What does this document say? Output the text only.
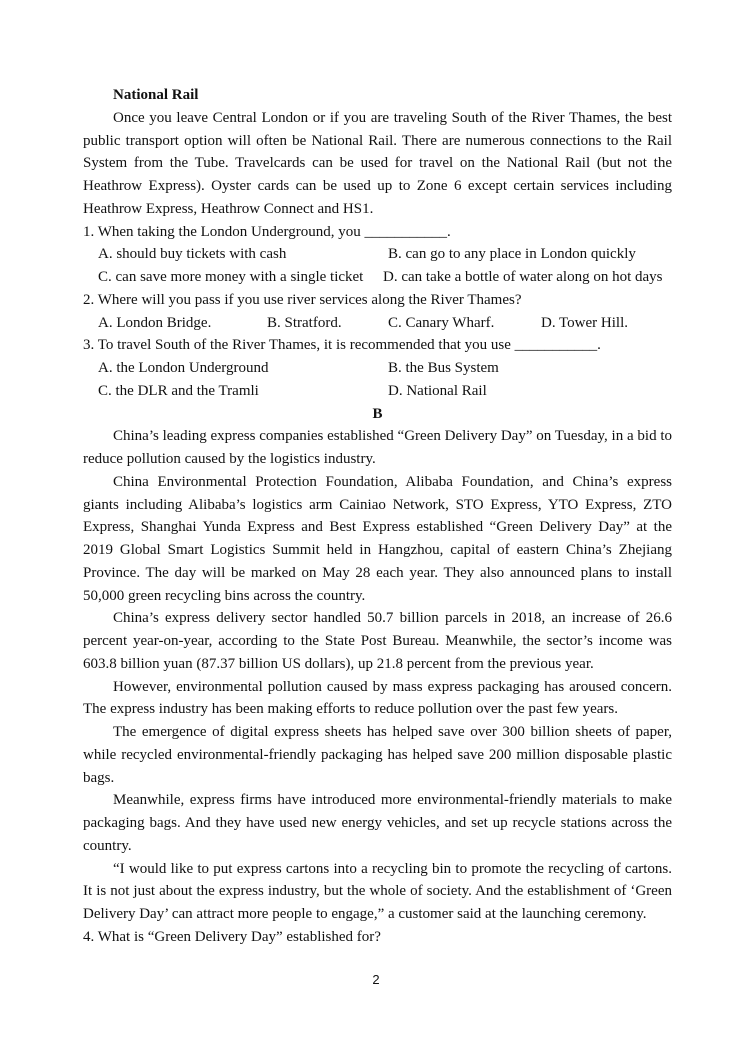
National Rail

Once you leave Central London or if you are traveling South of the River Thames, the best public transport option will often be National Rail. There are numerous connections to the Rail System from the Tube. Travelcards can be used for travel on the National Rail (but not the Heathrow Express). Oyster cards can be used up to Zone 6 except certain services including Heathrow Express, Heathrow Connect and HS1.

1. When taking the London Underground, you ___________.

A. should buy tickets with cash	B. can go to any place in London quickly
C. can save more money with a single ticket D. can take a bottle of water along on hot days

2. Where will you pass if you use river services along the River Thames?

A. London Bridge.	B. Stratford.	C. Canary Wharf.	D. Tower Hill.

3. To travel South of the River Thames, it is recommended that you use ___________.

A. the London Underground	B. the Bus System
C. the DLR and the Tramli	D. National Rail

B

China’s leading express companies established “Green Delivery Day” on Tuesday, in a bid to reduce pollution caused by the logistics industry.

China Environmental Protection Foundation, Alibaba Foundation, and China’s express giants including Alibaba’s logistics arm Cainiao Network, STO Express, YTO Express, ZTO Express, Shanghai Yunda Express and Best Express established “Green Delivery Day” at the 2019 Global Smart Logistics Summit held in Hangzhou, capital of eastern China’s Zhejiang Province. The day will be marked on May 28 each year. They also announced plans to install 50,000 green recycling bins across the country.

China’s express delivery sector handled 50.7 billion parcels in 2018, an increase of 26.6 percent year-on-year, according to the State Post Bureau. Meanwhile, the sector’s income was 603.8 billion yuan (87.37 billion US dollars), up 21.8 percent from the previous year.

However, environmental pollution caused by mass express packaging has aroused concern. The express industry has been making efforts to reduce pollution over the past few years.

The emergence of digital express sheets has helped save over 300 billion sheets of paper, while recycled environmental-friendly packaging has helped save 200 million disposable plastic bags.

Meanwhile, express firms have introduced more environmental-friendly materials to make packaging bags. And they have used new energy vehicles, and set up recycle stations across the country.

“I would like to put express cartons into a recycling bin to promote the recycling of cartons. It is not just about the express industry, but the whole of society. And the establishment of ‘Green Delivery Day’ can attract more people to engage,” a customer said at the launching ceremony.

4. What is “Green Delivery Day” established for?

2
